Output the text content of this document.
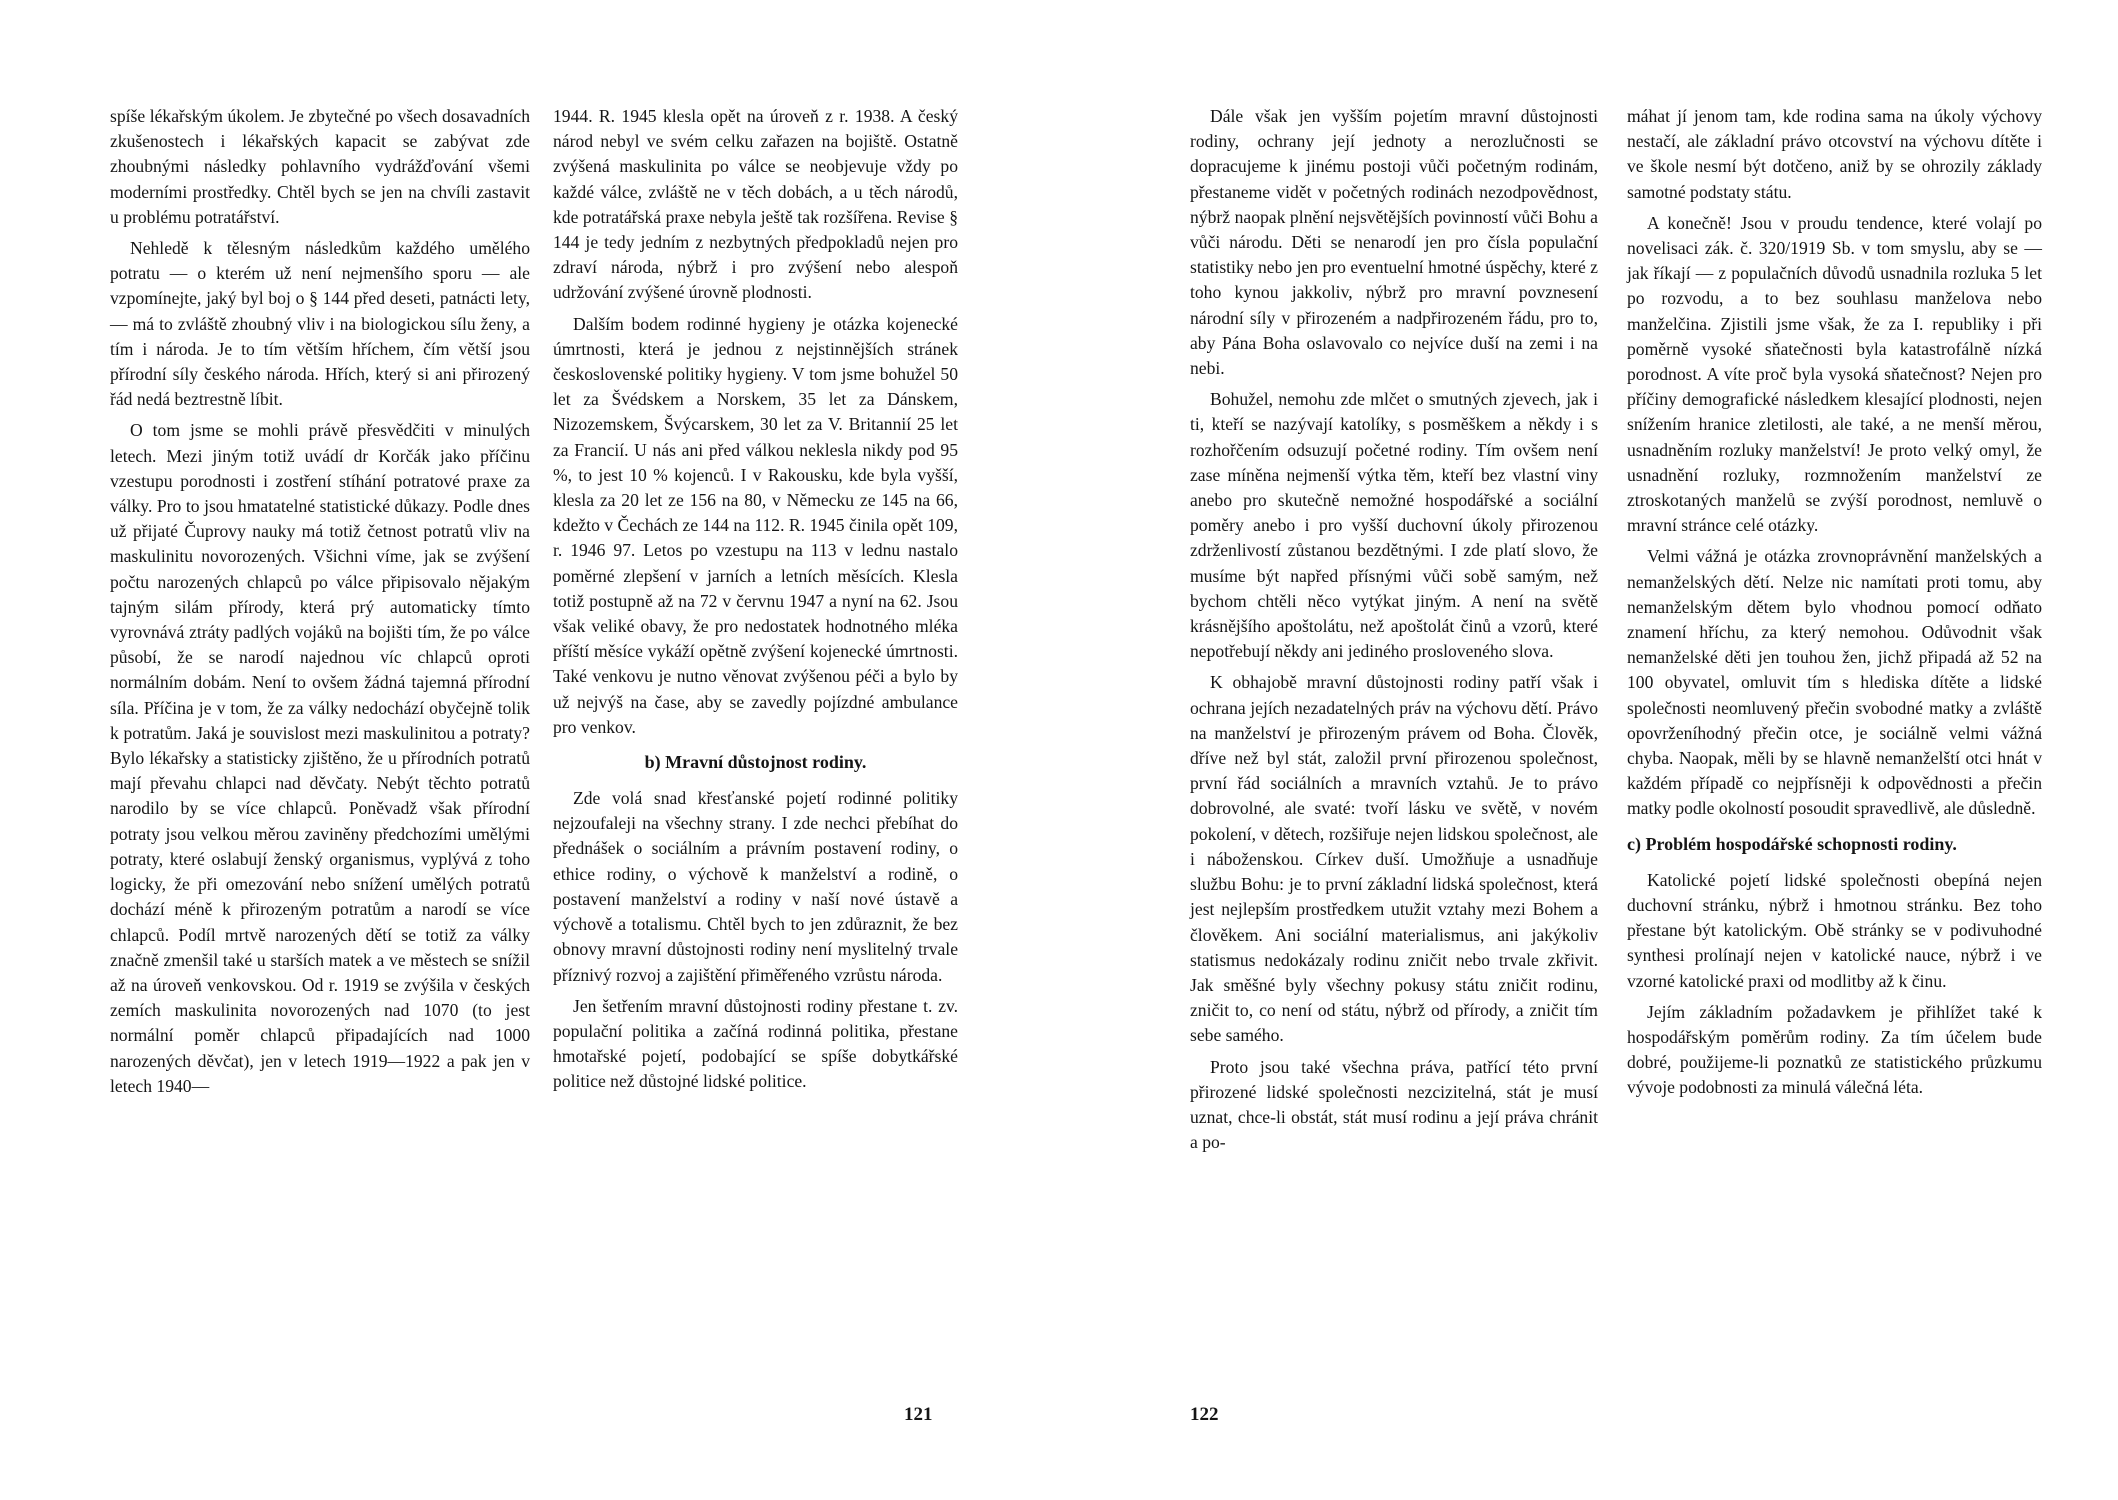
spíše lékařským úkolem. Je zbytečné po všech dosavadních zkušenostech i lékařských kapacit se zabývat zde zhoubnými následky pohlavního vydrážďování všemi moderními prostředky. Chtěl bych se jen na chvíli zastavit u problému potratářství.

Nehledě k tělesným následkům každého umělého potratu — o kterém už není nejmenšího sporu — ale vzpomínejte, jaký byl boj o § 144 před deseti, patnácti lety, — má to zvláště zhoubný vliv i na biologickou sílu ženy, a tím i národa. Je to tím větším hříchem, čím větší jsou přírodní síly českého národa. Hřích, který si ani přirozený řád nedá beztrestně líbit.

O tom jsme se mohli právě přesvědčiti v minulých letech. Mezi jiným totiž uvádí dr Korčák jako příčinu vzestupu porodnosti i zostření stíhání potratové praxe za války. Pro to jsou hmatatelné statistické důkazy. Podle dnes už přijaté Čuprovy nauky má totiž četnost potratů vliv na maskulinitu novorozených. Všichni víme, jak se zvýšení počtu narozených chlapců po válce připisovalo nějakým tajným silám přírody, která prý automaticky tímto vyrovnává ztráty padlých vojáků na bojišti tím, že po válce působí, že se narodí najednou víc chlapců oproti normálním dobám. Není to ovšem žádná tajemná přírodní síla. Příčina je v tom, že za války nedochází obyčejně tolik k potratům. Jaká je souvislost mezi maskulinitou a potraty? Bylo lékařsky a statisticky zjištěno, že u přírodních potratů mají převahu chlapci nad děvčaty. Nebýt těchto potratů narodilo by se více chlapců. Poněvadž však přírodní potraty jsou velkou měrou zaviněny předchozími umělými potraty, které oslabují ženský organismus, vyplývá z toho logicky, že při omezování nebo snížení umělých potratů dochází méně k přirozeným potratům a narodí se více chlapců. Podíl mrtvě narozených dětí se totiž za války značně zmenšil také u starších matek a ve městech se snížil až na úroveň venkovskou. Od r. 1919 se zvýšila v českých zemích maskulinita novorozených nad 1070 (to jest normální poměr chlapců připadajících nad 1000 narozených děvčat), jen v letech 1919—1922 a pak jen v letech 1940—

1944. R. 1945 klesla opět na úroveň z r. 1938. A český národ nebyl ve svém celku zařazen na bojiště. Ostatně zvýšená maskulinita po válce se neobjevuje vždy po každé válce, zvláště ne v těch dobách, a u těch národů, kde potratářská praxe nebyla ještě tak rozšířena. Revise § 144 je tedy jedním z nezbytných předpokladů nejen pro zdraví národa, nýbrž i pro zvýšení nebo alespoň udržování zvýšené úrovně plodnosti.

Dalším bodem rodinné hygieny je otázka kojenecké úmrtnosti, která je jednou z nejstinnějších stránek československé politiky hygieny. V tom jsme bohužel 50 let za Švédskem a Norskem, 35 let za Dánskem, Nizozemskem, Švýcarskem, 30 let za V. Britannií 25 let za Francií. U nás ani před válkou neklesla nikdy pod 95 %, to jest 10 % kojenců. I v Rakousku, kde byla vyšší, klesla za 20 let ze 156 na 80, v Německu ze 145 na 66, kdežto v Čechách ze 144 na 112. R. 1945 činila opět 109, r. 1946 97. Letos po vzestupu na 113 v lednu nastalo poměrné zlepšení v jarních a letních měsících. Klesla totiž postupně až na 72 v červnu 1947 a nyní na 62. Jsou však veliké obavy, že pro nedostatek hodnotného mléka příští měsíce vykáží opětně zvýšení kojenecké úmrtnosti. Také venkovu je nutno věnovat zvýšenou péči a bylo by už nejvýš na čase, aby se zavedly pojízdné ambulance pro venkov.

b) Mravní důstojnost rodiny.

Zde volá snad křesťanské pojetí rodinné politiky nejzoufaleji na všechny strany. I zde nechci přebíhat do přednášek o sociálním a právním postavení rodiny, o ethice rodiny, o výchově k manželství a rodině, o postavení manželství a rodiny v naší nové ústavě a výchově a totalismu. Chtěl bych to jen zdůraznit, že bez obnovy mravní důstojnosti rodiny není myslitelný trvale příznivý rozvoj a zajištění přiměřeného vzrůstu národa.

Jen šetřením mravní důstojnosti rodiny přestane t. zv. populační politika a začíná rodinná politika, přestane hmotařské pojetí, podobající se spíše dobytkářské politice než důstojné lidské politice.

121

Dále však jen vyšším pojetím mravní důstojnosti rodiny, ochrany její jednoty a nerozlučnosti se dopracujeme k jinému postoji vůči početným rodinám, přestaneme vidět v početných rodinách nezodpovědnost, nýbrž naopak plnění nejsvětějších povinností vůči Bohu a vůči národu. Děti se nenarodí jen pro čísla populační statistiky nebo jen pro eventuelní hmotné úspěchy, které z toho kynou jakkoliv, nýbrž pro mravní povznesení národní síly v přirozeném a nadpřirozeném řádu, pro to, aby Pána Boha oslavovalo co nejvíce duší na zemi i na nebi.

Bohužel, nemohu zde mlčet o smutných zjevech, jak i ti, kteří se nazývají katolíky, s posměškem a někdy i s rozhořčením odsuzují početné rodiny. Tím ovšem není zase míněna nejmenší výtka těm, kteří bez vlastní viny anebo pro skutečně nemožné hospodářské a sociální poměry anebo i pro vyšší duchovní úkoly přirozenou zdrženlivostí zůstanou bezdětnými. I zde platí slovo, že musíme být napřed přísnými vůči sobě samým, než bychom chtěli něco vytýkat jiným. A není na světě krásnějšího apoštolátu, než apoštolát činů a vzorů, které nepotřebují někdy ani jediného prosloveného slova.

K obhajobě mravní důstojnosti rodiny patří však i ochrana jejích nezadatelných práv na výchovu dětí. Právo na manželství je přirozeným právem od Boha. Člověk, dříve než byl stát, založil první přirozenou společnost, první řád sociálních a mravních vztahů. Je to právo dobrovolné, ale svaté: tvoří lásku ve světě, v novém pokolení, v dětech, rozšiřuje nejen lidskou společnost, ale i náboženskou. Církev duší. Umožňuje a usnadňuje službu Bohu: je to první základní lidská společnost, která jest nejlepším prostředkem utužit vztahy mezi Bohem a člověkem. Ani sociální materialismus, ani jakýkoliv statismus nedokázaly rodinu zničit nebo trvale zkřivit. Jak směšné byly všechny pokusy státu zničit rodinu, zničit to, co není od státu, nýbrž od přírody, a zničit tím sebe samého.

Proto jsou také všechna práva, patřící této první přirozené lidské společnosti nezcizitelná, stát je musí uznat, chce-li obstát, stát musí rodinu a její práva chránit a po-

máhat jí jenom tam, kde rodina sama na úkoly výchovy nestačí, ale základní právo otcovství na výchovu dítěte i ve škole nesmí být dotčeno, aniž by se ohrozily základy samotné podstaty státu.

A konečně! Jsou v proudu tendence, které volají po novelisaci zák. č. 320/1919 Sb. v tom smyslu, aby se — jak říkají — z populačních důvodů usnadnila rozluka 5 let po rozvodu, a to bez souhlasu manželova nebo manželčina. Zjistili jsme však, že za I. republiky i při poměrně vysoké sňatečnosti byla katastrofálně nízká porodnost. A víte proč byla vysoká sňatečnost? Nejen pro příčiny demografické následkem klesající plodnosti, nejen snížením hranice zletilosti, ale také, a ne menší měrou, usnadněním rozluky manželství! Je proto velký omyl, že usnadnění rozluky, rozmnožením manželství ze ztroskotaných manželů se zvýší porodnost, nemluvě o mravní stránce celé otázky.

Velmi vážná je otázka zrovnoprávnění manželských a nemanželských dětí. Nelze nic namítati proti tomu, aby nemanželským dětem bylo vhodnou pomocí odňato znamení hříchu, za který nemohou. Odůvodnit však nemanželské děti jen touhou žen, jichž připadá až 52 na 100 obyvatel, omluvit tím s hlediska dítěte a lidské společnosti neomluvený přečin svobodné matky a zvláště opovrženíhodný přečin otce, je sociálně velmi vážná chyba. Naopak, měli by se hlavně nemanželští otci hnát v každém případě co nejpřísněji k odpovědnosti a přečin matky podle okolností posoudit spravedlivě, ale důsledně.

c) Problém hospodářské schopnosti rodiny.

Katolické pojetí lidské společnosti obepíná nejen duchovní stránku, nýbrž i hmotnou stránku. Bez toho přestane být katolickým. Obě stránky se v podivuhodné synthesi prolínají nejen v katolické nauce, nýbrž i ve vzorné katolické praxi od modlitby až k činu.

Jejím základním požadavkem je přihlížet také k hospodářským poměrům rodiny. Za tím účelem bude dobré, použijeme-li poznatků ze statistického průzkumu vývoje podobnosti za minulá válečná léta.

122
